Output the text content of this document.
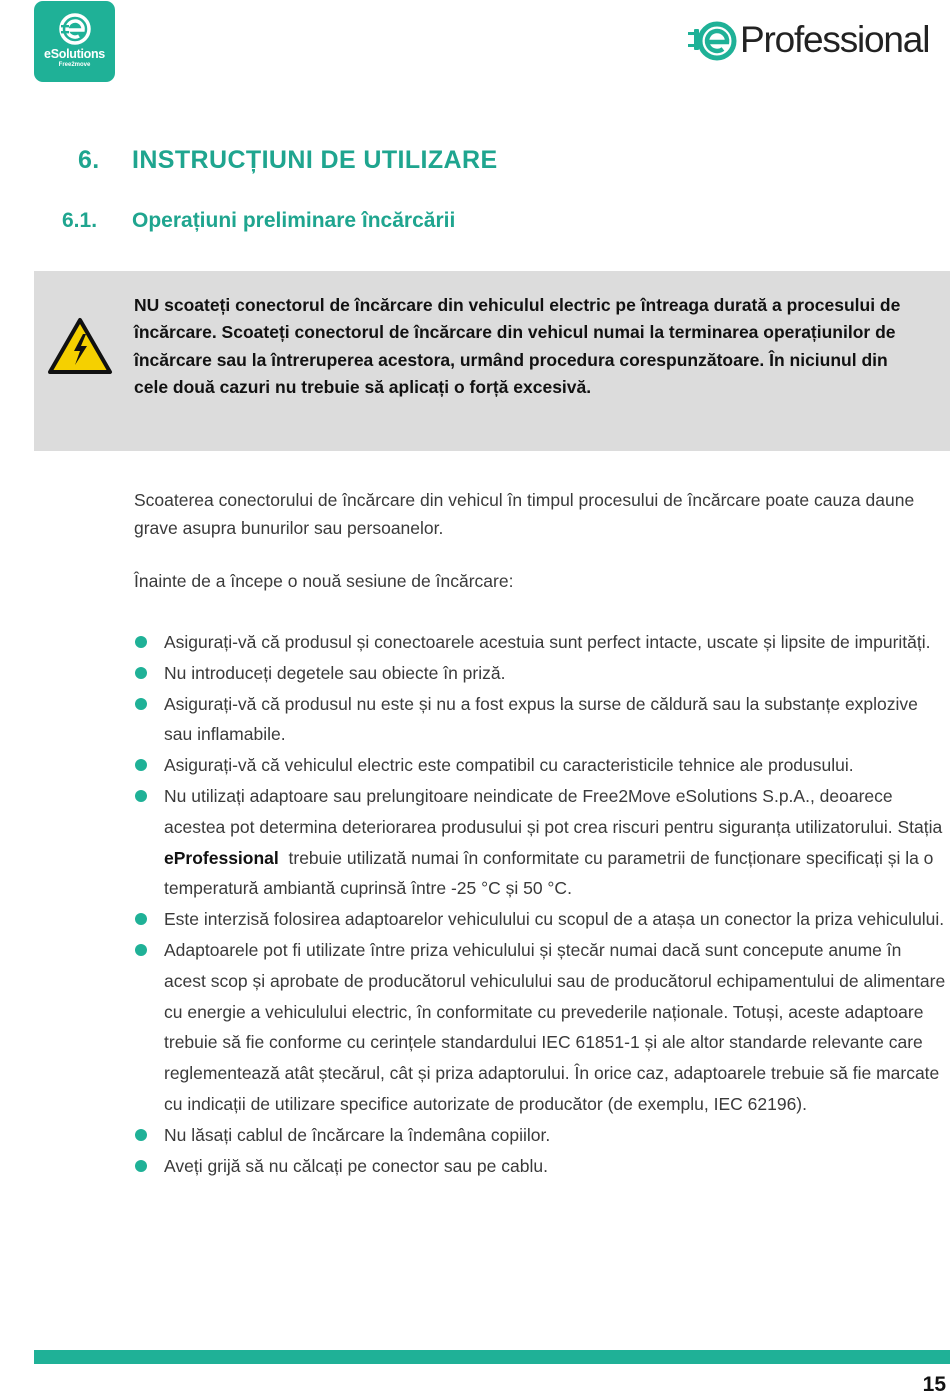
eSolutions
Free2move
Professional
6. INSTRUCȚIUNI DE UTILIZARE
6.1. Operațiuni preliminare încărcării
NU scoateți conectorul de încărcare din vehiculul electric pe întreaga durată a procesului de încărcare. Scoateți conectorul de încărcare din vehicul numai la terminarea operațiunilor de încărcare sau la întreruperea acestora, urmând procedura corespunzătoare. În niciunul din cele două cazuri nu trebuie să aplicați o forță excesivă.
Scoaterea conectorului de încărcare din vehicul în timpul procesului de încărcare poate cauza daune grave asupra bunurilor sau persoanelor.
Înainte de a începe o nouă sesiune de încărcare:
Asigurați-vă că produsul și conectoarele acestuia sunt perfect intacte, uscate și lipsite de impurități.
Nu introduceți degetele sau obiecte în priză.
Asigurați-vă că produsul nu este și nu a fost expus la surse de căldură sau la substanțe explozive sau inflamabile.
Asigurați-vă că vehiculul electric este compatibil cu caracteristicile tehnice ale produsului.
Nu utilizați adaptoare sau prelungitoare neindicate de Free2Move eSolutions S.p.A., deoarece acestea pot determina deteriorarea produsului și pot crea riscuri pentru siguranța utilizatorului. Stația eProfessional  trebuie utilizată numai în conformitate cu parametrii de funcționare specificați și la o temperatură ambiantă cuprinsă între -25 °C și 50 °C.
Este interzisă folosirea adaptoarelor vehiculului cu scopul de a atașa un conector la priza vehiculului.
Adaptoarele pot fi utilizate între priza vehiculului și ștecăr numai dacă sunt concepute anume în acest scop și aprobate de producătorul vehiculului sau de producătorul echipamentului de alimentare cu energie a vehiculului electric, în conformitate cu prevederile naționale. Totuși, aceste adaptoare trebuie să fie conforme cu cerințele standardului IEC 61851-1 și ale altor standarde relevante care reglementează atât ștecărul, cât și priza adaptorului. În orice caz, adaptoarele trebuie să fie marcate cu indicații de utilizare specifice autorizate de producător (de exemplu, IEC 62196).
Nu lăsați cablul de încărcare la îndemâna copiilor.
Aveți grijă să nu călcați pe conector sau pe cablu.
15
